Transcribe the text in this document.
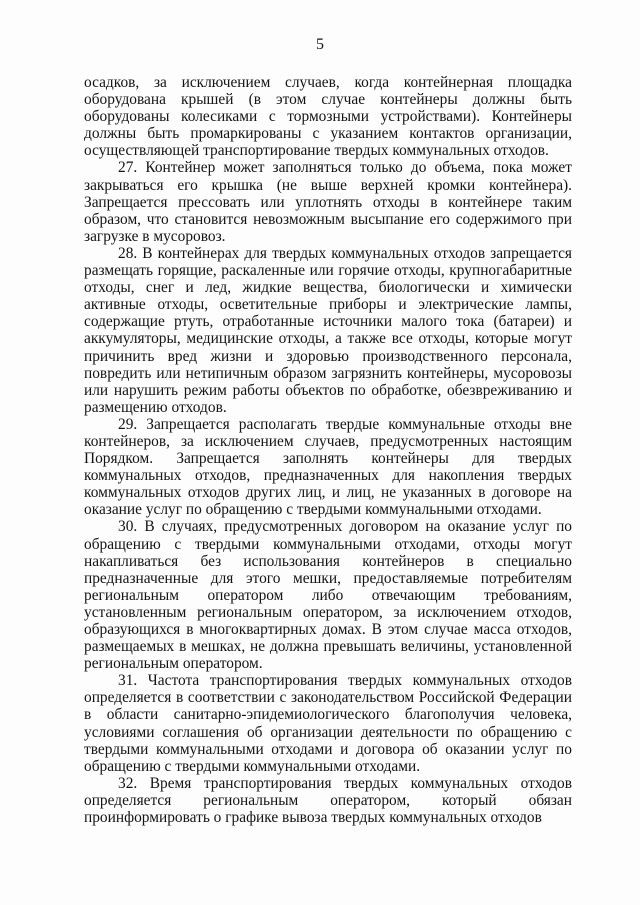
5

осадков, за исключением случаев, когда контейнерная площадка оборудована крышей (в этом случае контейнеры должны быть оборудованы колесиками с тормозными устройствами). Контейнеры должны быть промаркированы с указанием контактов организации, осуществляющей транспортирование твердых коммунальных отходов.

27. Контейнер может заполняться только до объема, пока может закрываться его крышка (не выше верхней кромки контейнера). Запрещается прессовать или уплотнять отходы в контейнере таким образом, что становится невозможным высыпание его содержимого при загрузке в мусоровоз.

28. В контейнерах для твердых коммунальных отходов запрещается размещать горящие, раскаленные или горячие отходы, крупногабаритные отходы, снег и лед, жидкие вещества, биологически и химически активные отходы, осветительные приборы и электрические лампы, содержащие ртуть, отработанные источники малого тока (батареи) и аккумуляторы, медицинские отходы, а также все отходы, которые могут причинить вред жизни и здоровью производственного персонала, повредить или нетипичным образом загрязнить контейнеры, мусоровозы или нарушить режим работы объектов по обработке, обезвреживанию и размещению отходов.

29. Запрещается располагать твердые коммунальные отходы вне контейнеров, за исключением случаев, предусмотренных настоящим Порядком. Запрещается заполнять контейнеры для твердых коммунальных отходов, предназначенных для накопления твердых коммунальных отходов других лиц, и лиц, не указанных в договоре на оказание услуг по обращению с твердыми коммунальными отходами.

30. В случаях, предусмотренных договором на оказание услуг по обращению с твердыми коммунальными отходами, отходы могут накапливаться без использования контейнеров в специально предназначенные для этого мешки, предоставляемые потребителям региональным оператором либо отвечающим требованиям, установленным региональным оператором, за исключением отходов, образующихся в многоквартирных домах. В этом случае масса отходов, размещаемых в мешках, не должна превышать величины, установленной региональным оператором.

31. Частота транспортирования твердых коммунальных отходов определяется в соответствии с законодательством Российской Федерации в области санитарно-эпидемиологического благополучия человека, условиями соглашения об организации деятельности по обращению с твердыми коммунальными отходами и договора об оказании услуг по обращению с твердыми коммунальными отходами.

32. Время транспортирования твердых коммунальных отходов определяется региональным оператором, который обязан проинформировать о графике вывоза твердых коммунальных отходов
